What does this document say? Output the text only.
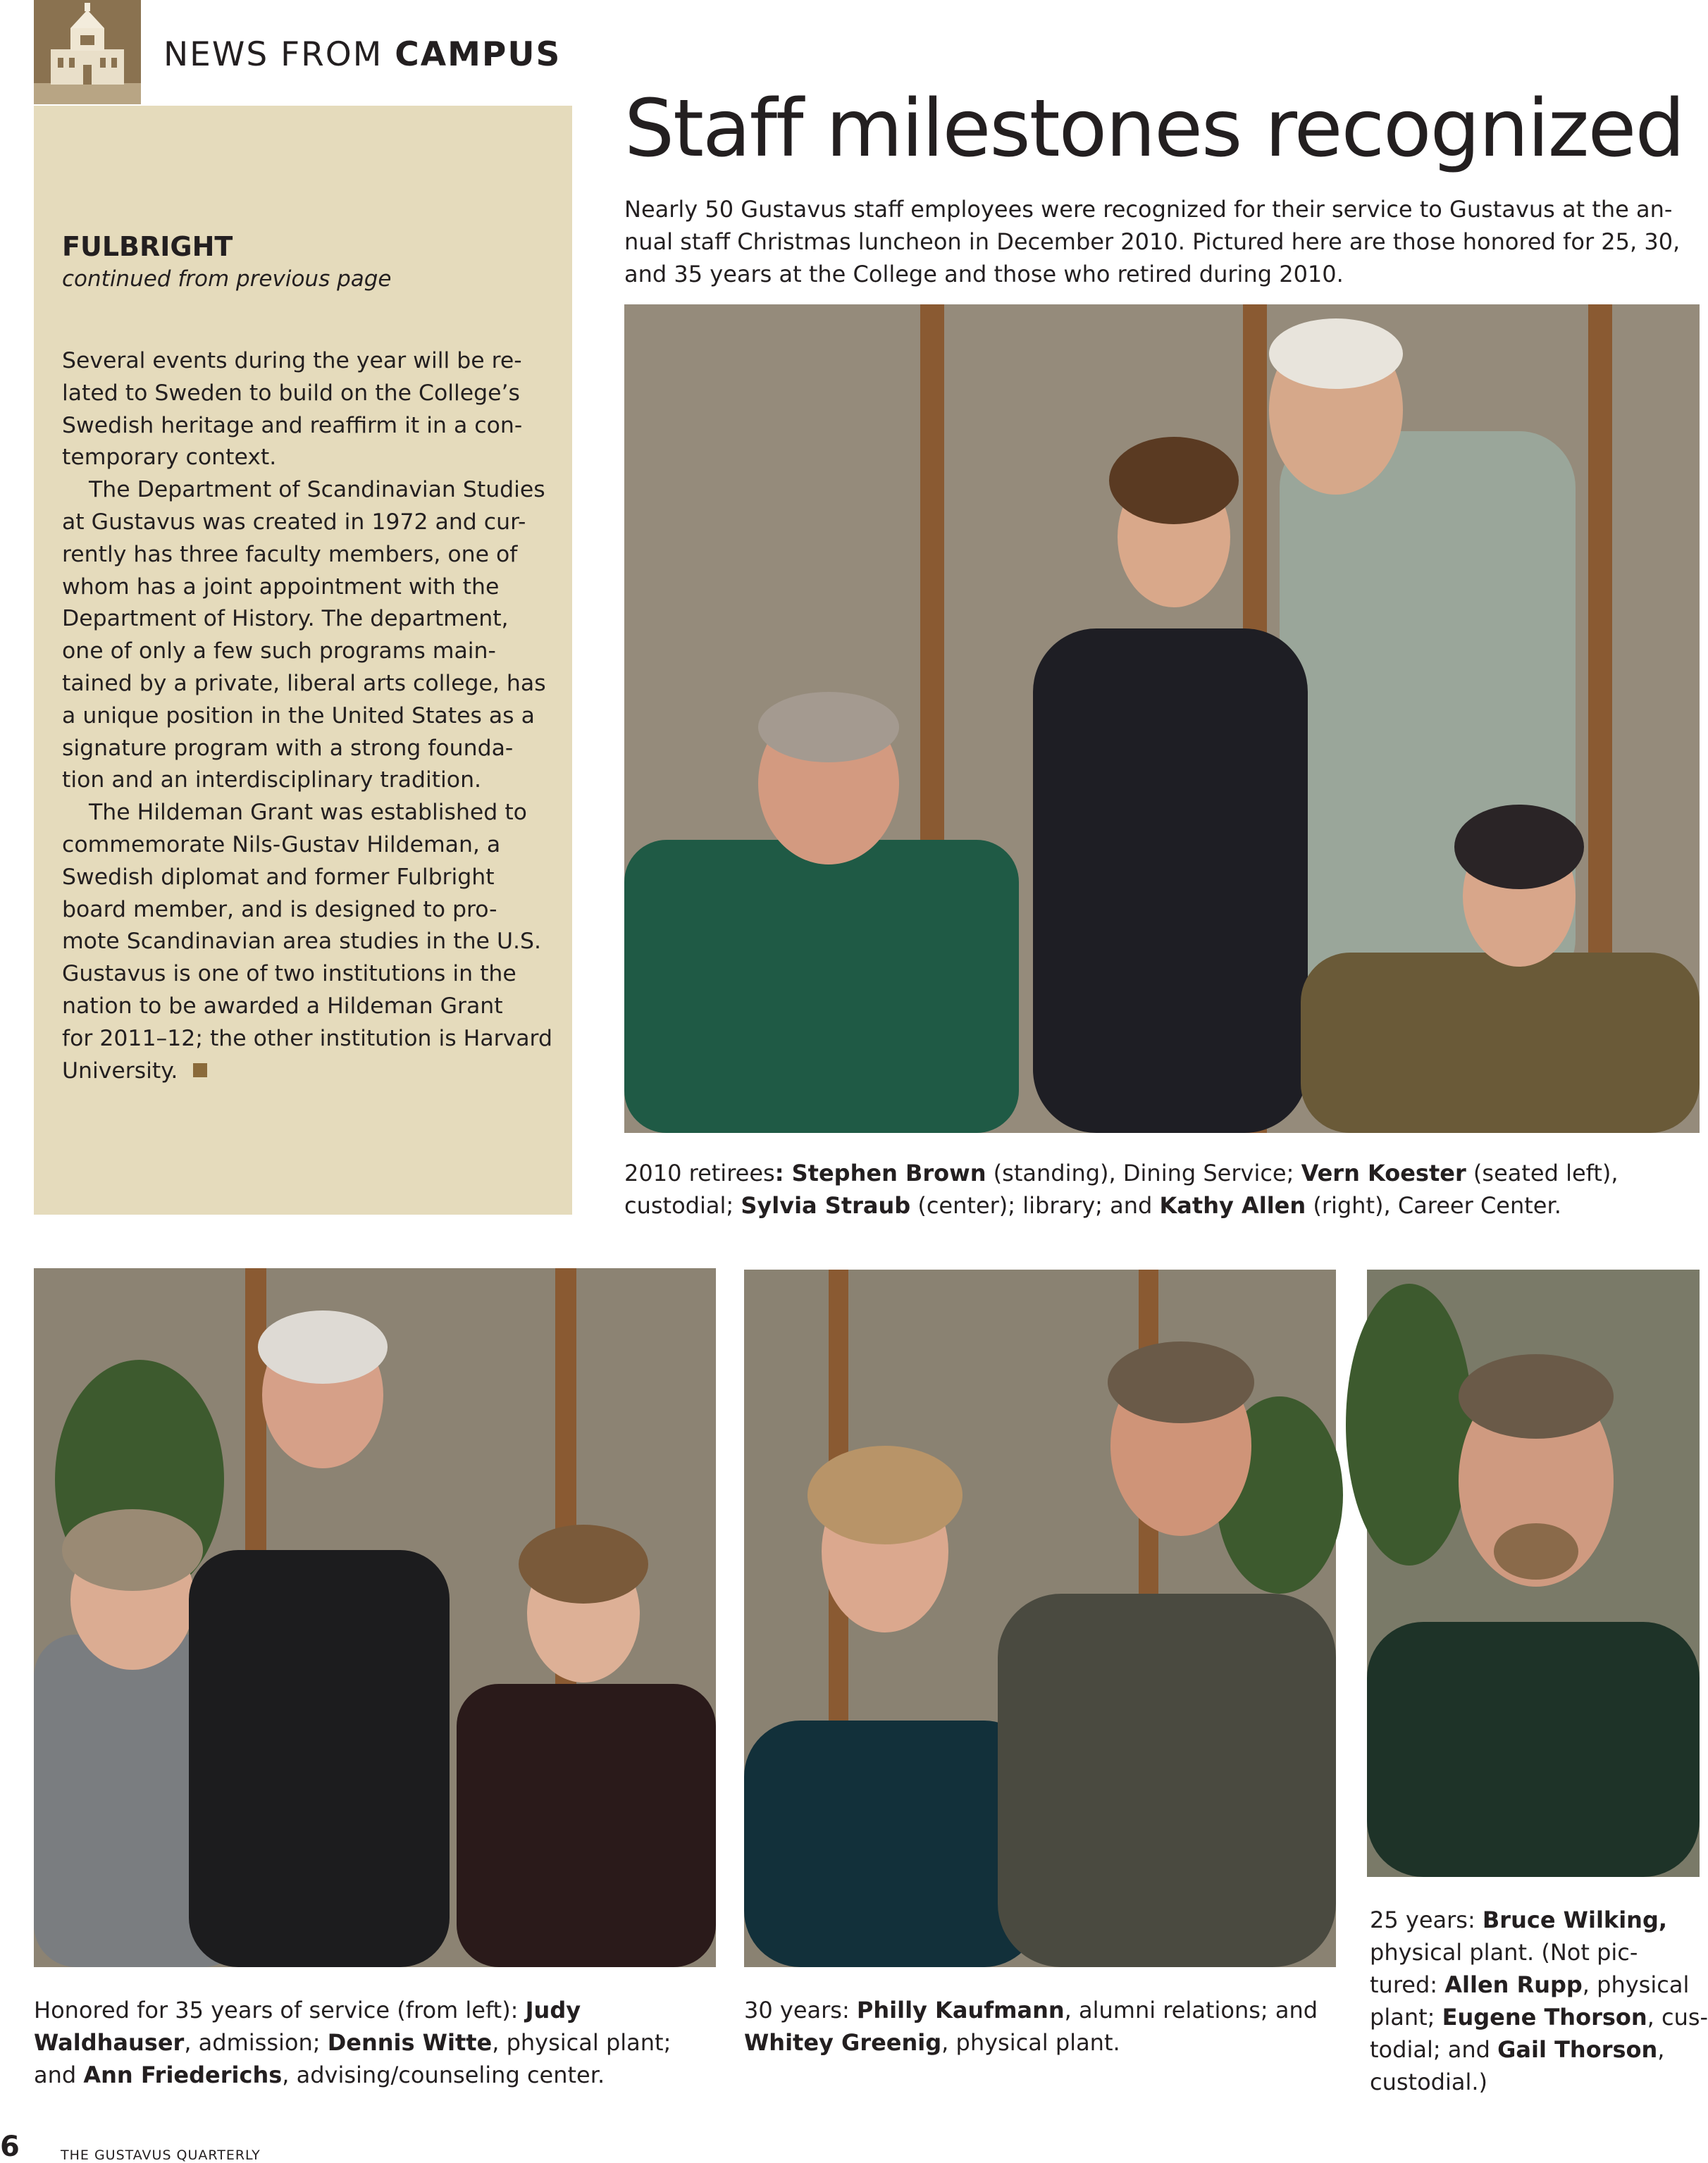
NEWS FROM CAMPUS
FULBRIGHT
continued from previous page
Several events during the year will be re-
lated to Sweden to build on the College’s
Swedish heritage and reaffirm it in a con-
temporary context.
The Department of Scandinavian Studies
at Gustavus was created in 1972 and cur-
rently has three faculty members, one of
whom has a joint appointment with the
Department of History. The department,
one of only a few such programs main-
tained by a private, liberal arts college, has
a unique position in the United States as a
signature program with a strong founda-
tion and an interdisciplinary tradition.
The Hildeman Grant was established to
commemorate Nils-Gustav Hildeman, a
Swedish diplomat and former Fulbright
board member, and is designed to pro-
mote Scandinavian area studies in the U.S.
Gustavus is one of two institutions in the
nation to be awarded a Hildeman Grant
for 2011–12; the other institution is Harvard
University.
Staff milestones recognized
Nearly 50 Gustavus staff employees were recognized for their service to Gustavus at the an-
nual staff Christmas luncheon in December 2010. Pictured here are those honored for 25, 30,
and 35 years at the College and those who retired during 2010.
2010 retirees: Stephen Brown (standing), Dining Service; Vern Koester (seated left),
custodial; Sylvia Straub (center); library; and Kathy Allen (right), Career Center.
Honored for 35 years of service (from left): Judy
Waldhauser, admission; Dennis Witte, physical plant;
and Ann Friederichs, advising/counseling center.
30 years: Philly Kaufmann, alumni relations; and
Whitey Greenig, physical plant.
25 years: Bruce Wilking,
physical plant. (Not pic-
tured: Allen Rupp, physical
plant; Eugene Thorson, cus-
todial; and Gail Thorson,
custodial.)
6	THE GUSTAVUS QUARTERLY
